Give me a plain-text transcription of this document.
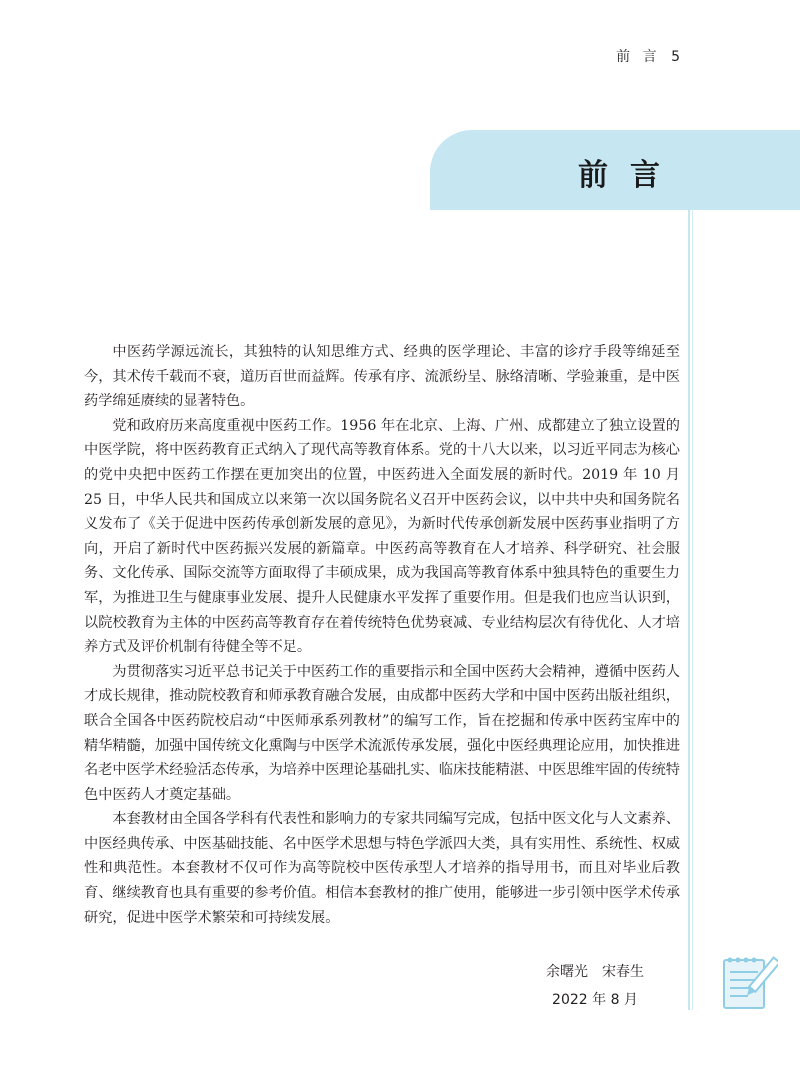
前 言 5
前言

中医药学源远流长，其独特的认知思维方式、经典的医学理论、丰富的诊疗手段等绵延至今，其术传千载而不衰，道历百世而益辉。传承有序、流派纷呈、脉络清晰、学验兼重，是中医药学绵延赓续的显著特色。

党和政府历来高度重视中医药工作。1956 年在北京、上海、广州、成都建立了独立设置的中医学院，将中医药教育正式纳入了现代高等教育体系。党的十八大以来，以习近平同志为核心的党中央把中医药工作摆在更加突出的位置，中医药进入全面发展的新时代。2019 年 10 月 25 日，中华人民共和国成立以来第一次以国务院名义召开中医药会议，以中共中央和国务院名义发布了《关于促进中医药传承创新发展的意见》，为新时代传承创新发展中医药事业指明了方向，开启了新时代中医药振兴发展的新篇章。中医药高等教育在人才培养、科学研究、社会服务、文化传承、国际交流等方面取得了丰硕成果，成为我国高等教育体系中独具特色的重要生力军，为推进卫生与健康事业发展、提升人民健康水平发挥了重要作用。但是我们也应当认识到，以院校教育为主体的中医药高等教育存在着传统特色优势衰减、专业结构层次有待优化、人才培养方式及评价机制有待健全等不足。

为贯彻落实习近平总书记关于中医药工作的重要指示和全国中医药大会精神，遵循中医药人才成长规律，推动院校教育和师承教育融合发展，由成都中医药大学和中国中医药出版社组织，联合全国各中医药院校启动“中医师承系列教材”的编写工作，旨在挖掘和传承中医药宝库中的精华精髓，加强中国传统文化熏陶与中医学术流派传承发展，强化中医经典理论应用，加快推进名老中医学术经验活态传承，为培养中医理论基础扎实、临床技能精湛、中医思维牢固的传统特色中医药人才奠定基础。

本套教材由全国各学科有代表性和影响力的专家共同编写完成，包括中医文化与人文素养、中医经典传承、中医基础技能、名中医学术思想与特色学派四大类，具有实用性、系统性、权威性和典范性。本套教材不仅可作为高等院校中医传承型人才培养的指导用书，而且对毕业后教育、继续教育也具有重要的参考价值。相信本套教材的推广使用，能够进一步引领中医学术传承研究，促进中医学术繁荣和可持续发展。

余曙光　宋春生
2022 年 8 月
